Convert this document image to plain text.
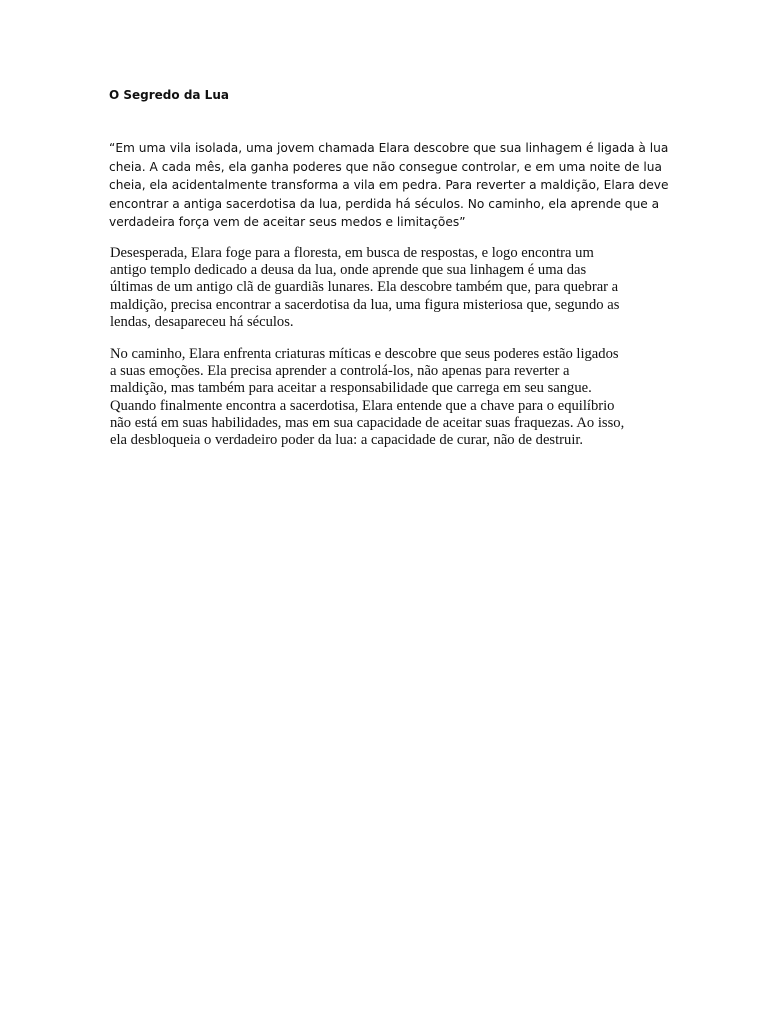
O Segredo da Lua

“Em uma vila isolada, uma jovem chamada Elara descobre que sua linhagem é ligada à lua
cheia. A cada mês, ela ganha poderes que não consegue controlar, e em uma noite de lua
cheia, ela acidentalmente transforma a vila em pedra. Para reverter a maldição, Elara deve
encontrar a antiga sacerdotisa da lua, perdida há séculos. No caminho, ela aprende que a
verdadeira força vem de aceitar seus medos e limitações”

Desesperada, Elara foge para a floresta, em busca de respostas, e logo encontra um
antigo templo dedicado a deusa da lua, onde aprende que sua linhagem é uma das
últimas de um antigo clã de guardiãs lunares. Ela descobre também que, para quebrar a
maldição, precisa encontrar a sacerdotisa da lua, uma figura misteriosa que, segundo as
lendas, desapareceu há séculos.

No caminho, Elara enfrenta criaturas míticas e descobre que seus poderes estão ligados
a suas emoções. Ela precisa aprender a controlá-los, não apenas para reverter a
maldição, mas também para aceitar a responsabilidade que carrega em seu sangue.
Quando finalmente encontra a sacerdotisa, Elara entende que a chave para o equilíbrio
não está em suas habilidades, mas em sua capacidade de aceitar suas fraquezas. Ao isso,
ela desbloqueia o verdadeiro poder da lua: a capacidade de curar, não de destruir.
